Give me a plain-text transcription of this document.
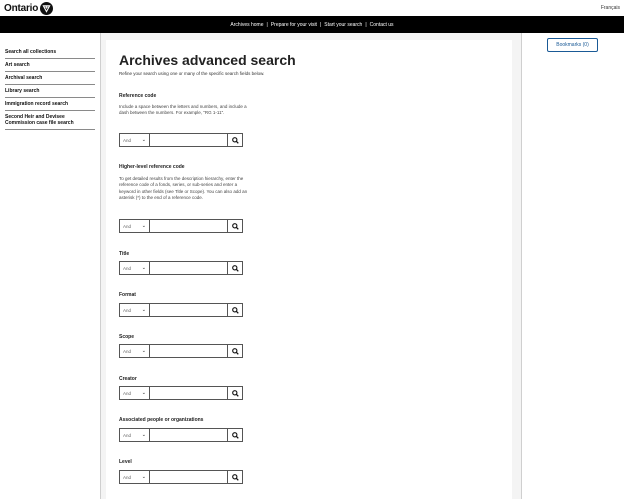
Ontario	Français
Archives home | Prepare for your visit | Start your search | Contact us
Search all collections
Art search
Archival search
Library search
Immigration record search
Second Heir and Devisee Commission case file search
Bookmarks (0)
Archives advanced search
Refine your search using one or many of the specific search fields below.
Reference code
Include a space between the letters and numbers, and include a dash between the numbers. For example, "RG 1-11".
And ⌄
Higher-level reference code
To get detailed results from the description hierarchy, enter the reference code of a fonds, series, or sub-series and enter a keyword in other fields (see Title or Scope). You can also add an asterisk (*) to the end of a reference code.
And ⌄
Title
And ⌄
Format
And ⌄
Scope
And ⌄
Creator
And ⌄
Associated people or organizations
And ⌄
Level
And ⌄
